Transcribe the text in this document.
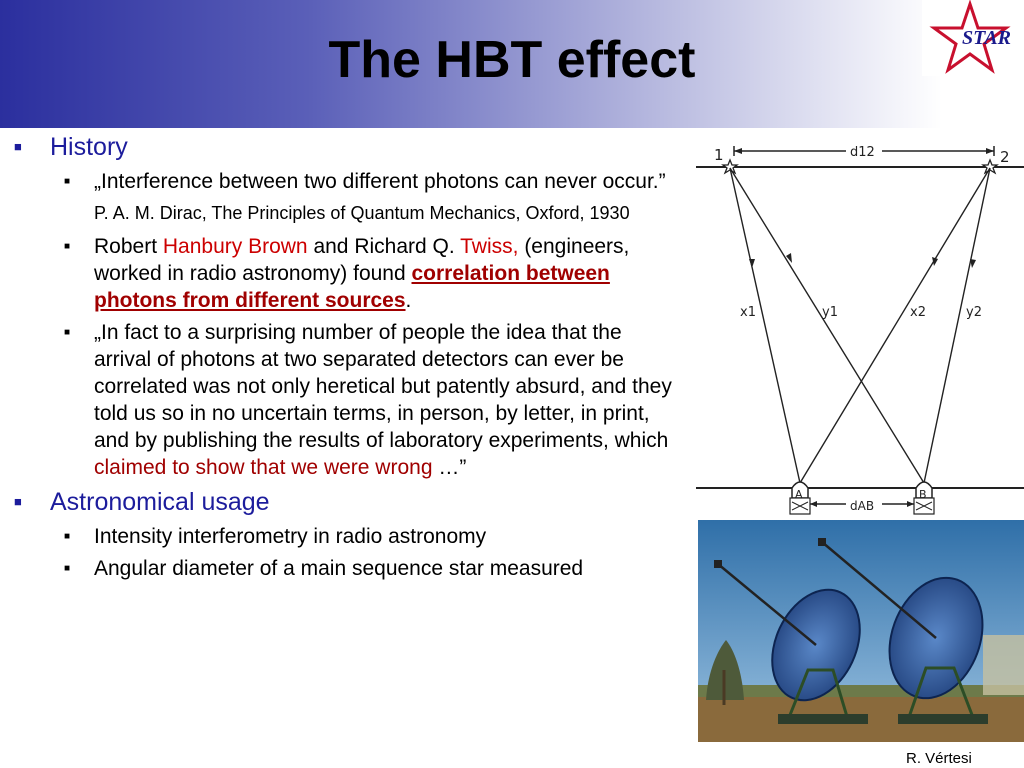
The HBT effect	STAR
■ History
■ „Interference between two different photons can never occur.”
P. A. M. Dirac, The Principles of Quantum Mechanics, Oxford, 1930
■ Robert Hanbury Brown and Richard Q. Twiss, (engineers, worked in radio astronomy) found correlation between photons from different sources.
■ „In fact to a surprising number of people the idea that the arrival of photons at two separated detectors can ever be correlated was not only heretical but patently absurd, and they told us so in no uncertain terms, in person, by letter, in print, and by publishing the results of laboratory experiments, which claimed to show that we were wrong …”
■ Astronomical usage
■ Intensity interferometry in radio astronomy
■ Angular diameter of a main sequence star measured
d12
1	2
x1	y1	x2	y2
A	B
dAB
R. Vértesi
